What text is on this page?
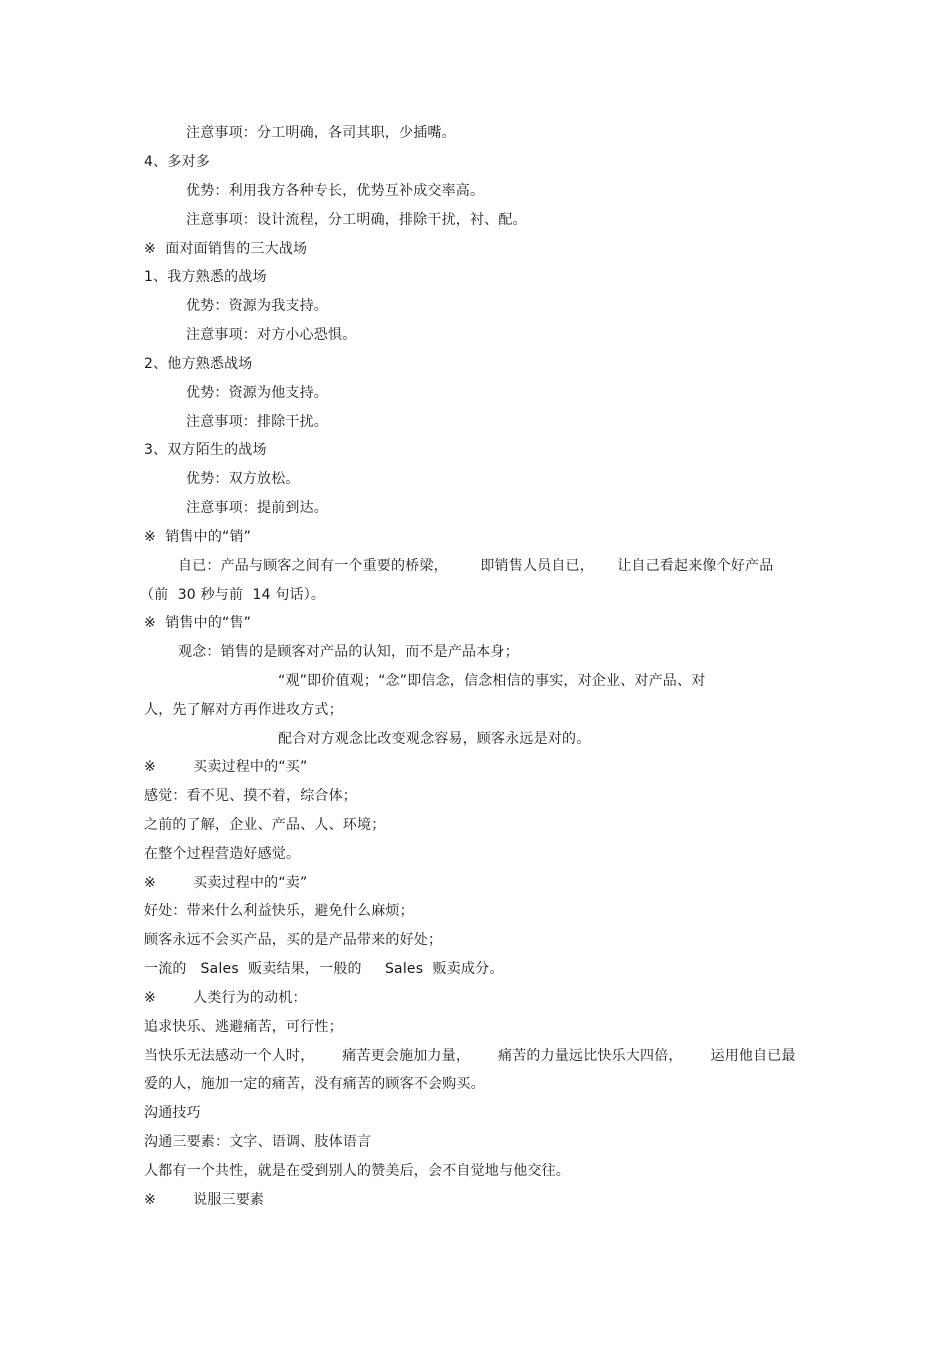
注意事项：分工明确，各司其职，少插嘴。
4、多对多
优势：利用我方各种专长，优势互补成交率高。
注意事项：设计流程，分工明确，排除干扰，衬、配。
※  面对面销售的三大战场
1、我方熟悉的战场
优势：资源为我支持。
注意事项：对方小心恐惧。
2、他方熟悉战场
优势：资源为他支持。
注意事项：排除干扰。
3、双方陌生的战场
优势：双方放松。
注意事项：提前到达。
※  销售中的“销”
自已：产品与顾客之间有一个重要的桥梁，       即销售人员自已，     让自己看起来像个好产品
（前  30 秒与前  14 句话）。
※  销售中的“售”
观念：销售的是顾客对产品的认知，而不是产品本身；
“观”即价值观；“念”即信念，信念相信的事实，对企业、对产品、对
人，先了解对方再作进攻方式；
配合对方观念比改变观念容易，顾客永远是对的。
※        买卖过程中的“买”
感觉：看不见、摸不着，综合体；
之前的了解，企业、产品、人、环境；
在整个过程营造好感觉。
※        买卖过程中的“卖”
好处：带来什么利益快乐，避免什么麻烦；
顾客永远不会买产品，买的是产品带来的好处；
一流的   Sales  贩卖结果，一般的     Sales  贩卖成分。
※        人类行为的动机：
追求快乐、逃避痛苦，可行性；
当快乐无法感动一个人时，      痛苦更会施加力量，      痛苦的力量远比快乐大四倍，      运用他自已最
爱的人，施加一定的痛苦，没有痛苦的顾客不会购买。
沟通技巧
沟通三要素：文字、语调、肢体语言
人都有一个共性，就是在受到别人的赞美后，会不自觉地与他交往。
※        说服三要素
